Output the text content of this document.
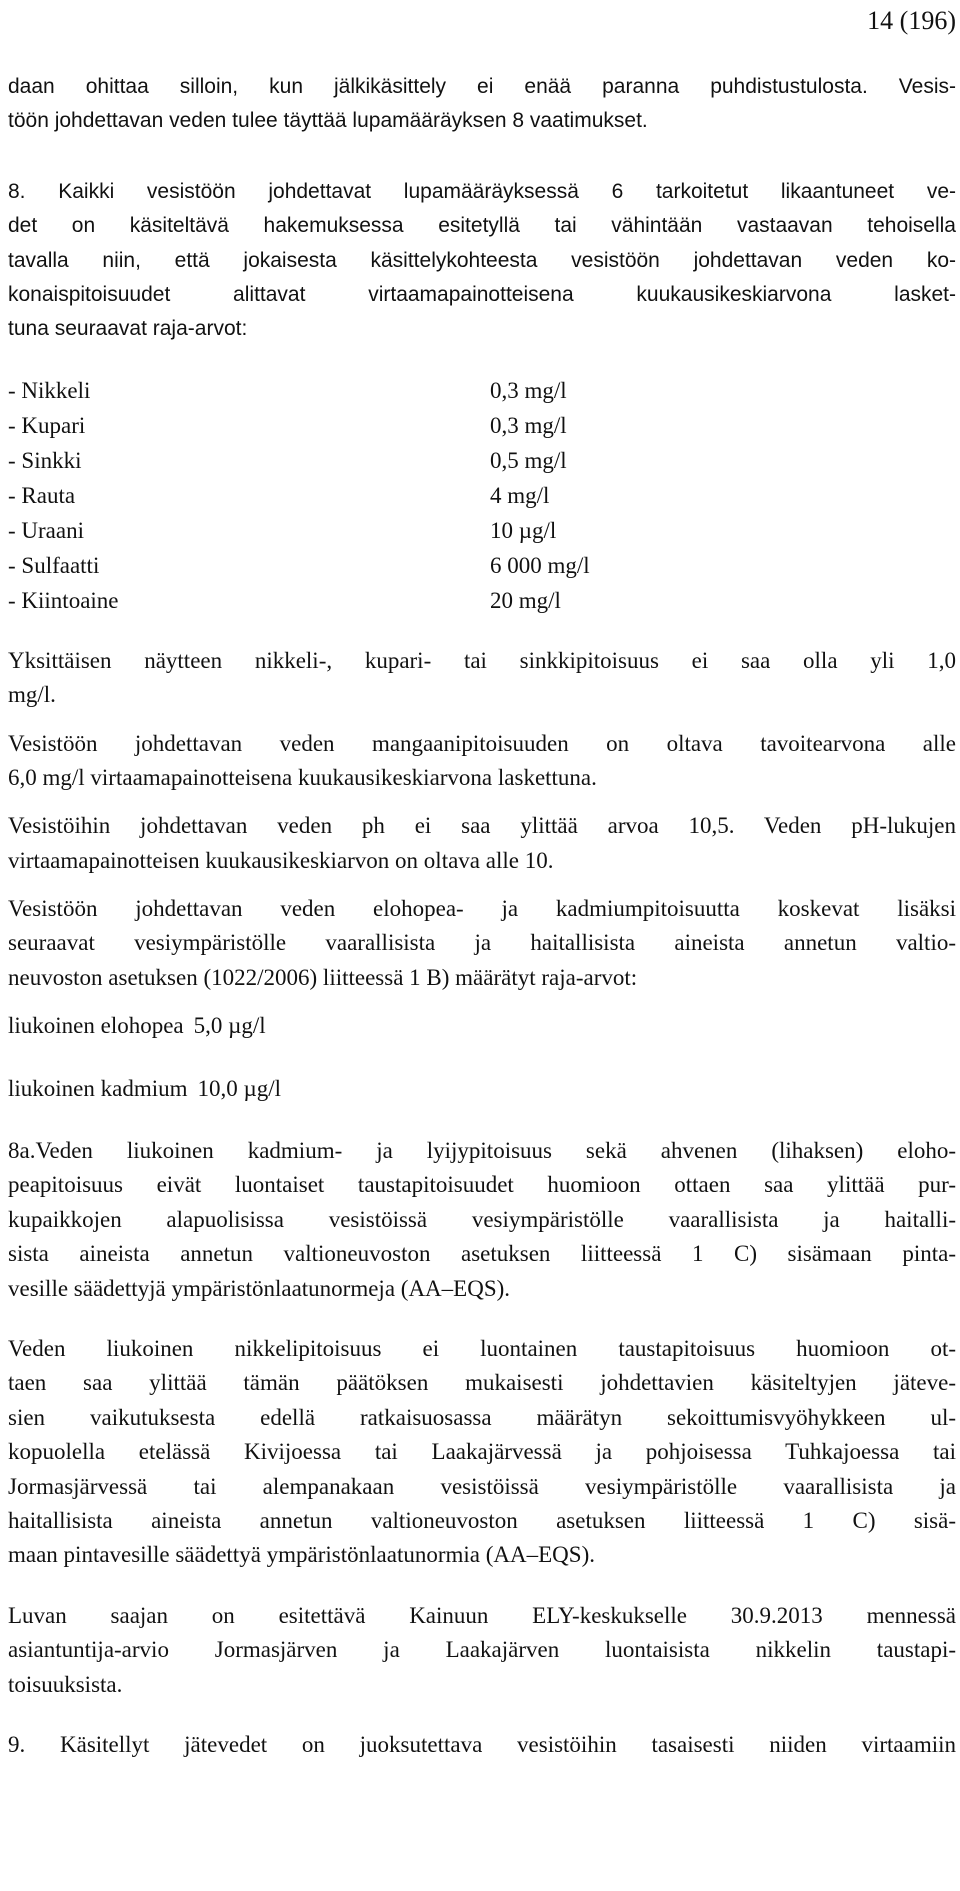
14 (196)
daan ohittaa silloin, kun jälkikäsittely ei enää paranna puhdistustulosta. Vesis-
töön johdettavan veden tulee täyttää lupamääräyksen 8 vaatimukset.
8. Kaikki vesistöön johdettavat lupamääräyksessä 6 tarkoitetut likaantuneet ve-
det on käsiteltävä hakemuksessa esitetyllä tai vähintään vastaavan tehoisella
tavalla niin, että jokaisesta käsittelykohteesta vesistöön johdettavan veden ko-
konaispitoisuudet alittavat virtaamapainotteisena kuukausikeskiarvona lasket-
tuna seuraavat raja-arvot:
- Nikkeli	0,3 mg/l
- Kupari	0,3 mg/l
- Sinkki	0,5 mg/l
- Rauta	4 mg/l
- Uraani	10 µg/l
- Sulfaatti	6 000 mg/l
- Kiintoaine	20 mg/l
Yksittäisen näytteen nikkeli-, kupari- tai sinkkipitoisuus ei saa olla yli 1,0
mg/l.
Vesistöön johdettavan veden mangaanipitoisuuden on oltava tavoitearvona alle
6,0 mg/l virtaamapainotteisena kuukausikeskiarvona laskettuna.
Vesistöihin johdettavan veden ph ei saa ylittää arvoa 10,5. Veden pH-lukujen
virtaamapainotteisen kuukausikeskiarvon on oltava alle 10.
Vesistöön johdettavan veden elohopea- ja kadmiumpitoisuutta koskevat lisäksi
seuraavat vesiympäristölle vaarallisista ja haitallisista aineista annetun valtio-
neuvoston asetuksen (1022/2006) liitteessä 1 B) määrätyt raja-arvot:
liukoinen elohopea 5,0 µg/l
liukoinen kadmium 10,0 µg/l
8a.Veden liukoinen kadmium- ja lyijypitoisuus sekä ahvenen (lihaksen) eloho-
peapitoisuus eivät luontaiset taustapitoisuudet huomioon ottaen saa ylittää pur-
kupaikkojen alapuolisissa vesistöissä vesiympäristölle vaarallisista ja haitalli-
sista aineista annetun valtioneuvoston asetuksen liitteessä 1 C) sisämaan pinta-
vesille säädettyjä ympäristönlaatunormeja (AA–EQS).
Veden liukoinen nikkelipitoisuus ei luontainen taustapitoisuus huomioon ot-
taen saa ylittää tämän päätöksen mukaisesti johdettavien käsiteltyjen jäteve-
sien vaikutuksesta edellä ratkaisuosassa määrätyn sekoittumisvyöhykkeen ul-
kopuolella etelässä Kivijoessa tai Laakajärvessä ja pohjoisessa Tuhkajoessa tai
Jormasjärvessä tai alempanakaan vesistöissä vesiympäristölle vaarallisista ja
haitallisista aineista annetun valtioneuvoston asetuksen liitteessä 1 C) sisä-
maan pintavesille säädettyä ympäristönlaatunormia (AA–EQS).
Luvan saajan on esitettävä Kainuun ELY-keskukselle 30.9.2013 mennessä
asiantuntija-arvio Jormasjärven ja Laakajärven luontaisista nikkelin taustapi-
toisuuksista.
9. Käsitellyt jätevedet on juoksutettava vesistöihin tasaisesti niiden virtaamiin
